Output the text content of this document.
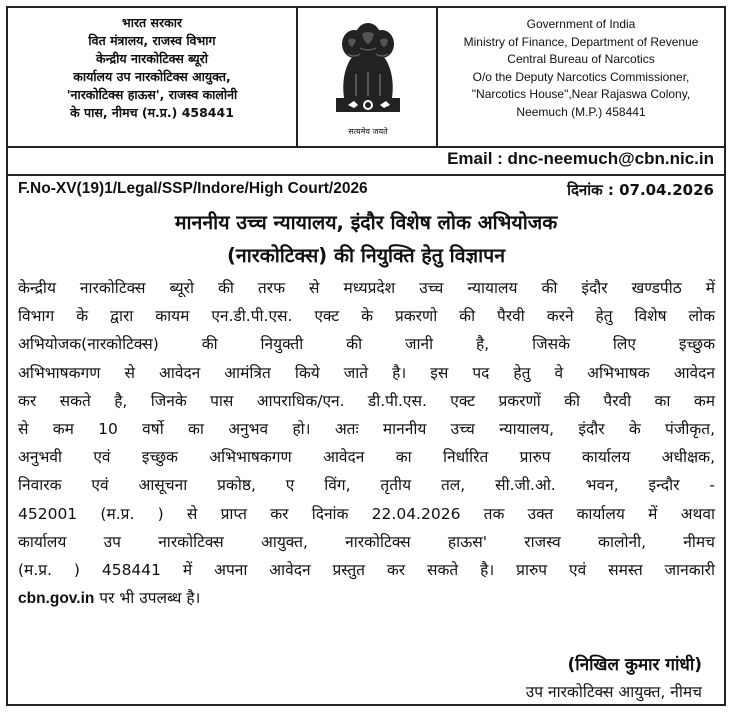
भारत सरकार
वित मंत्रालय, राजस्व विभाग
केन्द्रीय नारकोटिक्स ब्यूरो
कार्यालय उप नारकोटिक्स आयुक्त,
'नारकोटिक्स हाऊस', राजस्व कालोनी
के पास, नीमच (म.प्र.) 458441
सत्यमेव जयते
Government of India
Ministry of Finance, Department of Revenue
Central Bureau of Narcotics
O/o the Deputy Narcotics Commissioner,
"Narcotics House",Near Rajaswa Colony,
Neemuch (M.P.) 458441
Email : dnc-neemuch@cbn.nic.in
F.No-XV(19)1/Legal/SSP/Indore/High Court/2026	दिनांक : 07.04.2026
माननीय उच्च न्यायालय, इंदौर विशेष लोक अभियोजक
(नारकोटिक्स) की नियुक्ति हेतु विज्ञापन
केन्द्रीय नारकोटिक्स ब्यूरो की तरफ से मध्यप्रदेश उच्च न्यायालय की इंदौर खण्डपीठ में
विभाग के द्वारा कायम एन.डी.पी.एस. एक्ट के प्रकरणो की पैरवी करने हेतु विशेष लोक
अभियोजक(नारकोटिक्स) की नियुक्ती की जानी है, जिसके लिए इच्छुक
अभिभाषकगण से आवेदन आमंत्रित किये जाते है। इस पद हेतु वे अभिभाषक आवेदन
कर सकते है, जिनके पास आपराधिक/एन. डी.पी.एस. एक्ट प्रकरणों की पैरवी का कम
से कम 10 वर्षो का अनुभव हो। अतः माननीय उच्च न्यायालय, इंदौर के पंजीकृत,
अनुभवी एवं इच्छुक अभिभाषकगण आवेदन का निर्धारित प्रारुप कार्यालय अधीक्षक,
निवारक एवं आसूचना प्रकोष्ठ, ए विंग, तृतीय तल, सी.जी.ओ. भवन, इन्दौर -
452001 (म.प्र. ) से प्राप्त कर दिनांक 22.04.2026 तक उक्त कार्यालय में अथवा
कार्यालय उप नारकोटिक्स आयुक्त, नारकोटिक्स हाऊस' राजस्व कालोनी, नीमच
(म.प्र. ) 458441 में अपना आवेदन प्रस्तुत कर सकते है। प्रारुप एवं समस्त जानकारी
cbn.gov.in पर भी उपलब्ध है।
(निखिल कुमार गांधी)
उप नारकोटिक्स आयुक्त, नीमच
